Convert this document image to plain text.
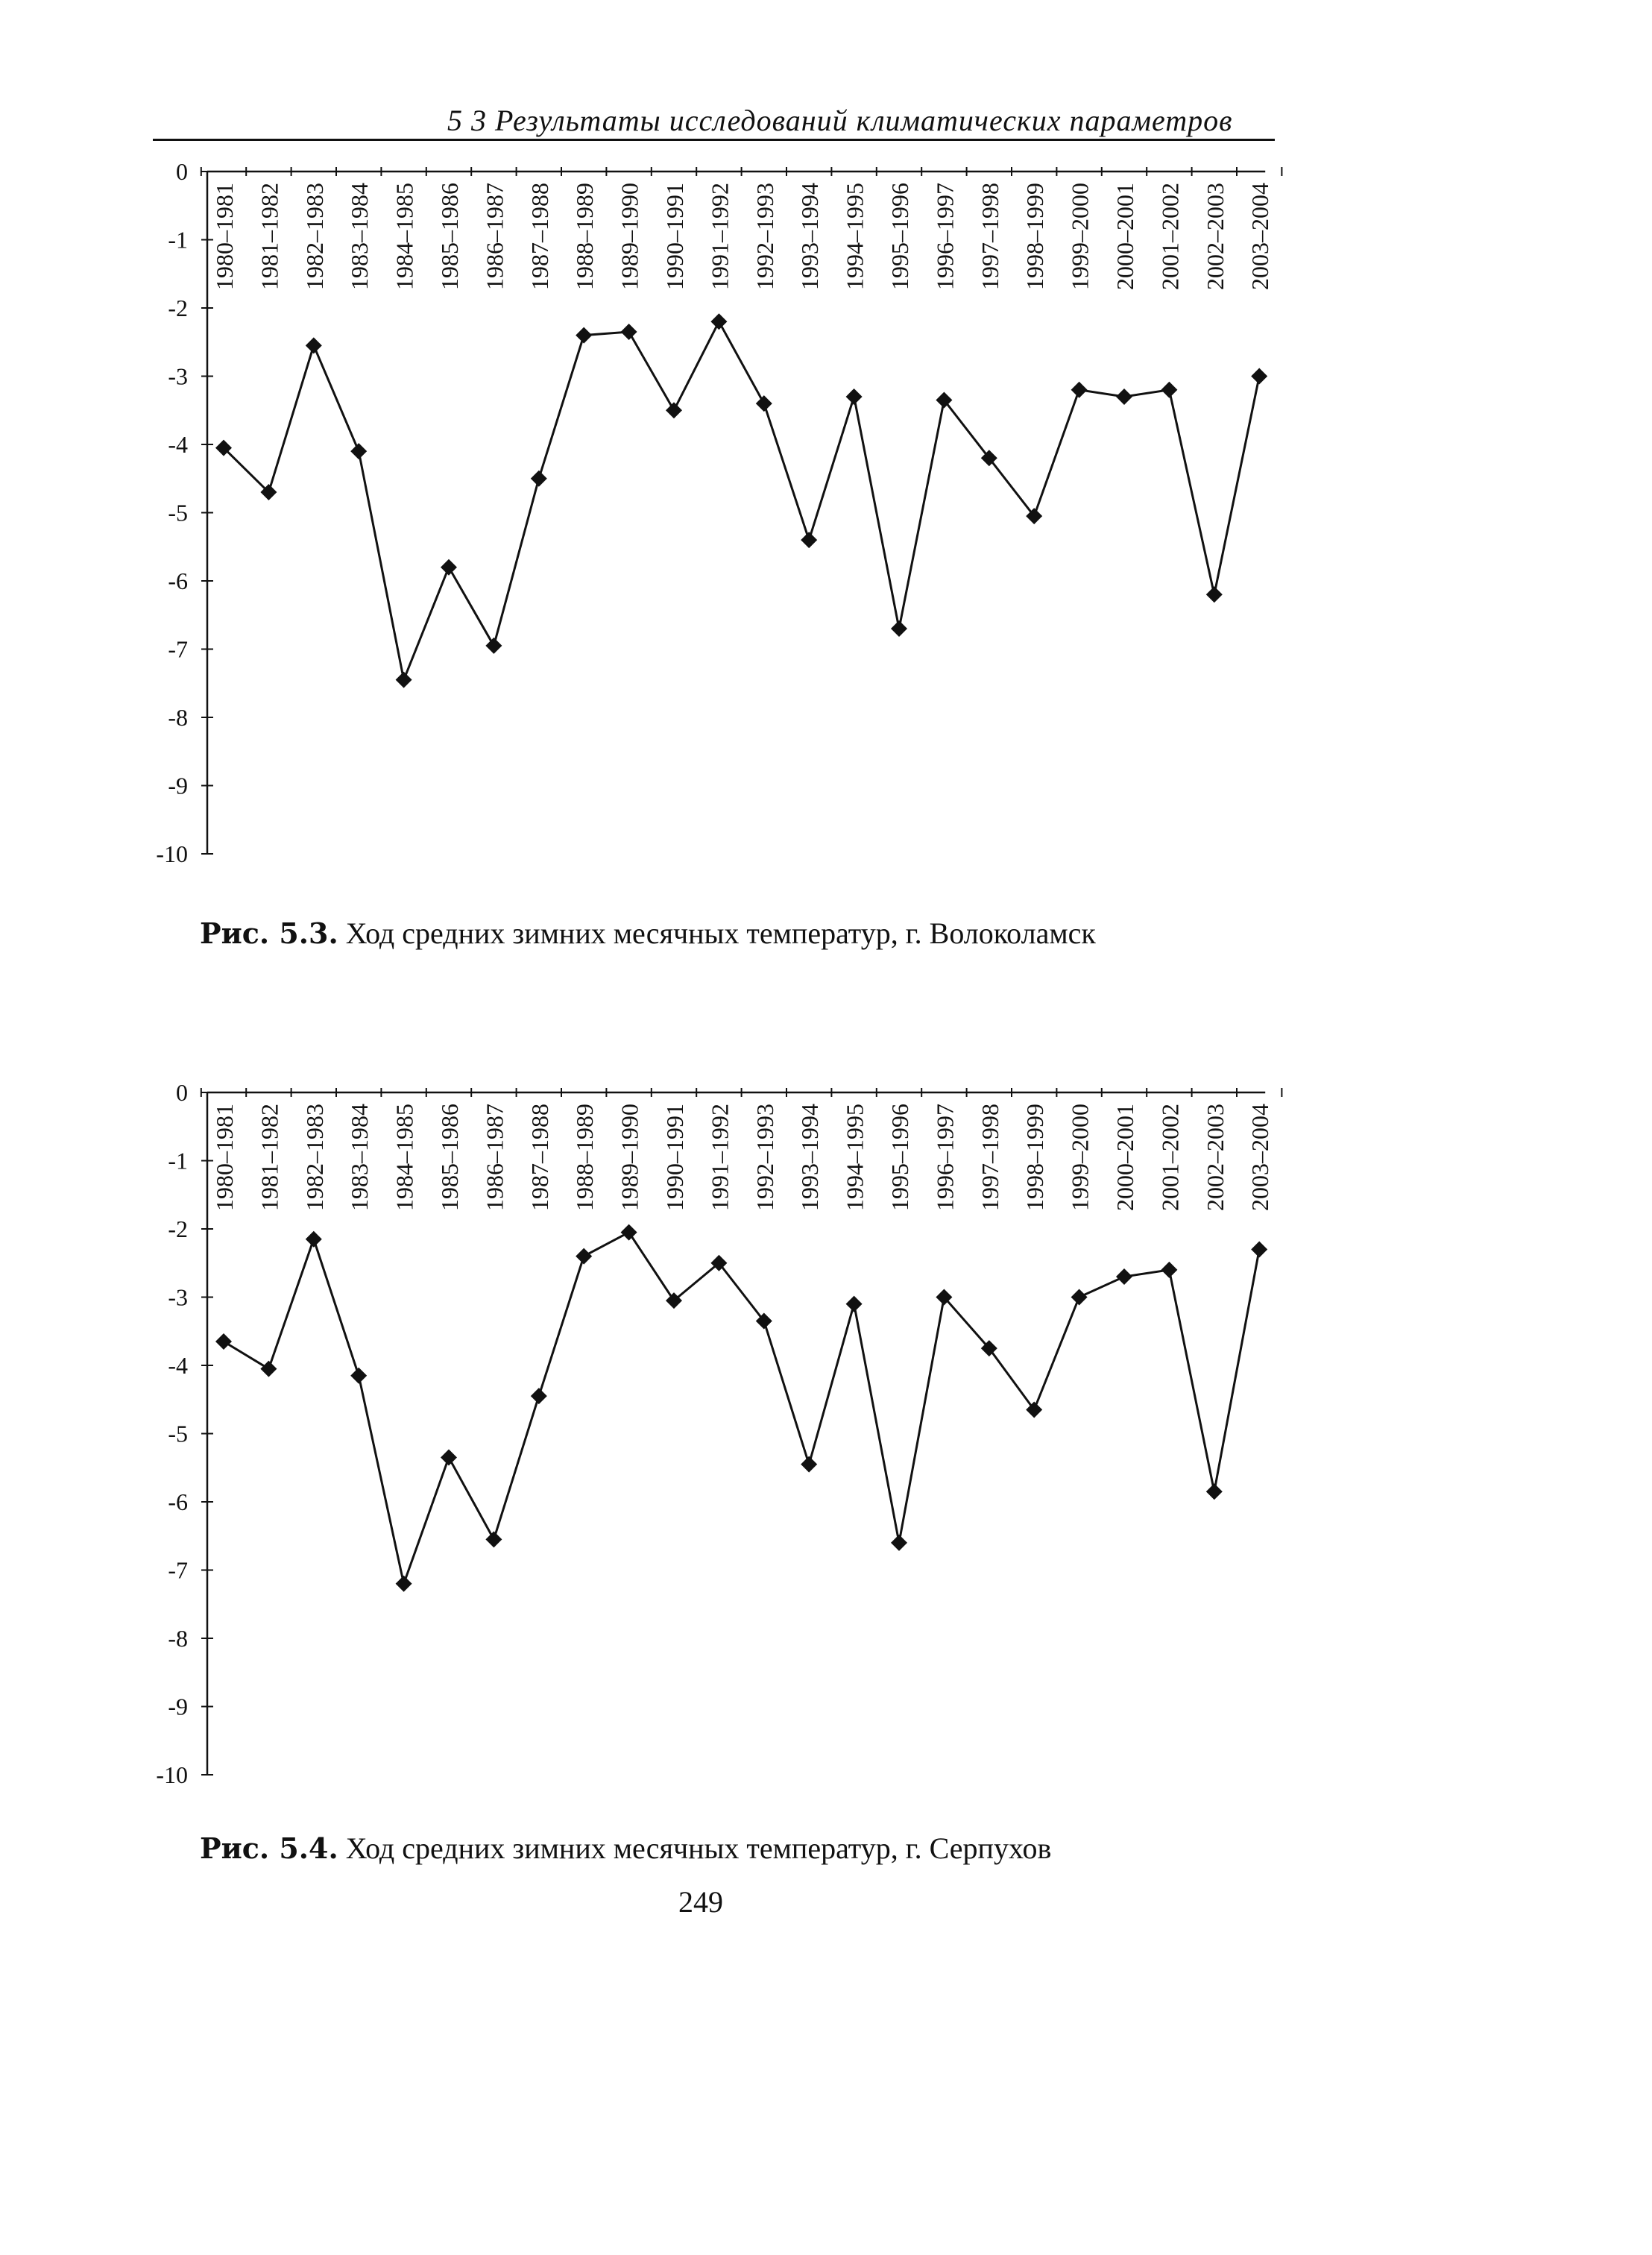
5 3 Результаты исследований климатических параметров
0
-1
-2
-3
-4
-5
-6
-7
-8
-9
-10
1980–1981 1981–1982 1982–1983 1983–1984 1984–1985 1985–1986 1986–1987 1987–1988 1988–1989 1989–1990 1990–1991 1991–1992 1992–1993 1993–1994 1994–1995 1995–1996 1996–1997 1997–1998 1998–1999 1999–2000 2000–2001 2001–2002 2002–2003 2003–2004
Рис. 5.3. Ход средних зимних месячных температур, г. Волоколамск
0
-1
-2
-3
-4
-5
-6
-7
-8
-9
-10
1980–1981 1981–1982 1982–1983 1983–1984 1984–1985 1985–1986 1986–1987 1987–1988 1988–1989 1989–1990 1990–1991 1991–1992 1992–1993 1993–1994 1994–1995 1995–1996 1996–1997 1997–1998 1998–1999 1999–2000 2000–2001 2001–2002 2002–2003 2003–2004
Рис. 5.4. Ход средних зимних месячных температур, г. Серпухов
249
